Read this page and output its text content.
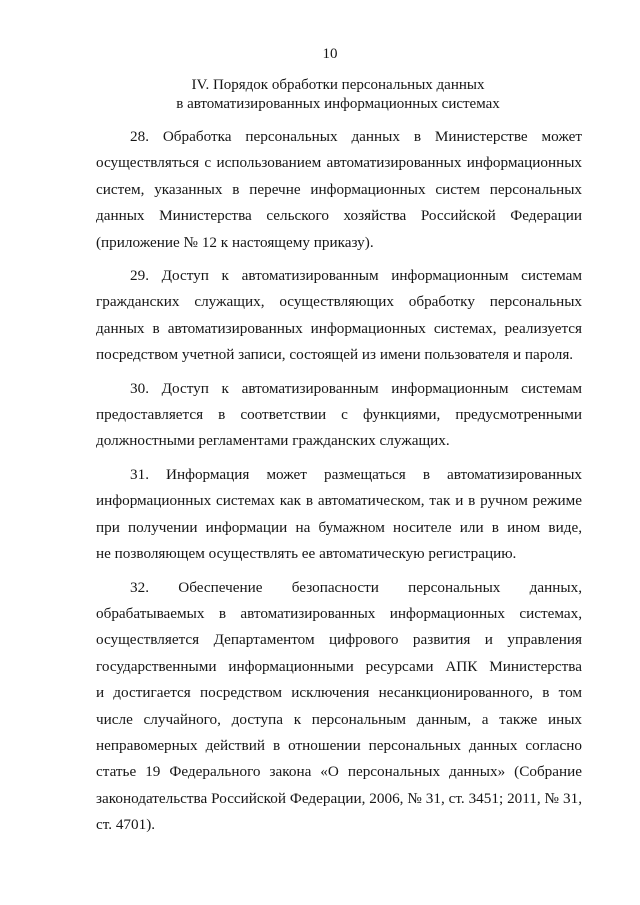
10
IV. Порядок обработки персональных данных
в автоматизированных информационных системах
28. Обработка персональных данных в Министерстве может
осуществляться с использованием автоматизированных информационных
систем, указанных в перечне информационных систем персональных
данных Министерства сельского хозяйства Российской Федерации
(приложение № 12 к настоящему приказу).
29. Доступ к автоматизированным информационным системам
гражданских служащих, осуществляющих обработку персональных
данных в автоматизированных информационных системах, реализуется
посредством учетной записи, состоящей из имени пользователя и пароля.
30. Доступ к автоматизированным информационным системам
предоставляется в соответствии с функциями, предусмотренными
должностными регламентами гражданских служащих.
31. Информация может размещаться в автоматизированных
информационных системах как в автоматическом, так и в ручном режиме
при получении информации на бумажном носителе или в ином виде,
не позволяющем осуществлять ее автоматическую регистрацию.
32. Обеспечение безопасности персональных данных,
обрабатываемых в автоматизированных информационных системах,
осуществляется Департаментом цифрового развития и управления
государственными информационными ресурсами АПК Министерства
и достигается посредством исключения несанкционированного, в том
числе случайного, доступа к персональным данным, а также иных
неправомерных действий в отношении персональных данных согласно
статье 19 Федерального закона «О персональных данных» (Собрание
законодательства Российской Федерации, 2006, № 31, ст. 3451; 2011, № 31,
ст. 4701).
